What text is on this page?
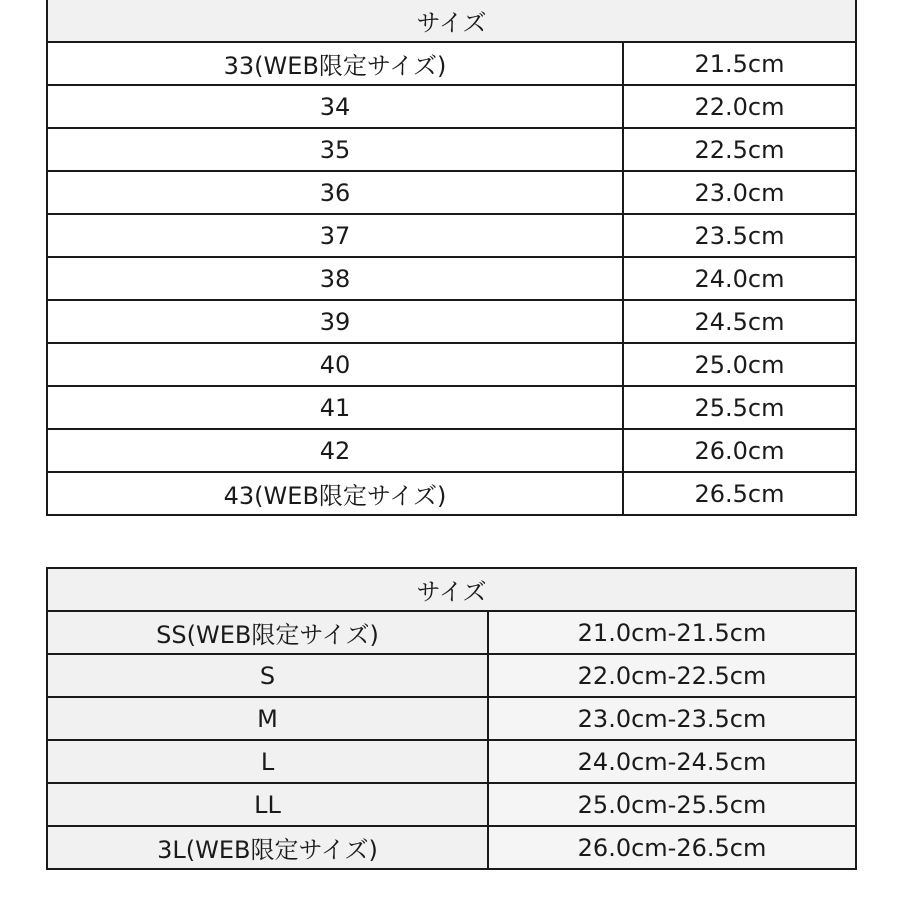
サイズ	
33(WEB限定サイズ)	21.5cm
34	22.0cm
35	22.5cm
36	23.0cm
37	23.5cm
38	24.0cm
39	24.5cm
40	25.0cm
41	25.5cm
42	26.0cm
43(WEB限定サイズ)	26.5cm
サイズ	
SS(WEB限定サイズ)	21.0cm-21.5cm
S	22.0cm-22.5cm
M	23.0cm-23.5cm
L	24.0cm-24.5cm
LL	25.0cm-25.5cm
3L(WEB限定サイズ)	26.0cm-26.5cm
